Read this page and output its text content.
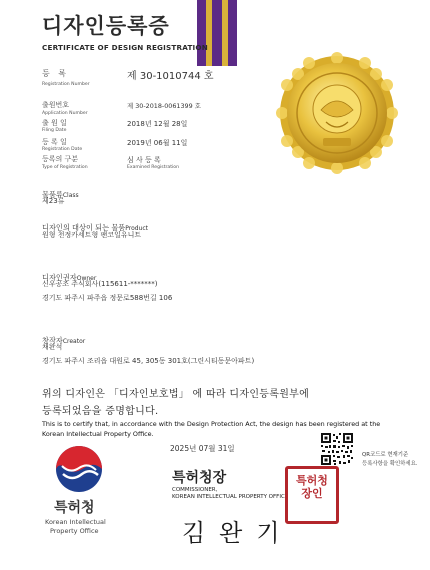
디자인등록증
CERTIFICATE OF DESIGN REGISTRATION
등 록
Registration Number
제 30-1010744 호
출원번호
Application Number
제 30-2018-0061399 호
출 원 일
Filing Date
2018년 12월 28일
등 록 일
Registration Date
2019년 06월 11일
등록의 구분
Type of Registration
심 사 등 록
Examined Registration
물품류Class
제23류
디자인의 대상이 되는 물품Product
원형 천정카세트형 팬코일유니트
디자인권자Owner
신우공조 주식회사(115611-*******)
경기도 파주시 파주읍 정문로588번길 106
창작자Creator
채완석
경기도 파주시 조리읍 대원로 45, 305동 301호(그린시티동문아파트)
위의 디자인은 「디자인보호법」 에 따라 디자인등록원부에
등록되었음을 증명합니다.
This is to certify that, in accordance with the Design Protection Act, the design has been registered at the
Korean Intellectual Property Office.
2025년 07월 31일
QR코드로 현재기준
등록사항을 확인하세요.
특허청
Korean Intellectual
Property Office
특허청장
COMMISSIONER,
KOREAN INTELLECTUAL PROPERTY OFFICE
김완기
특허청장인
